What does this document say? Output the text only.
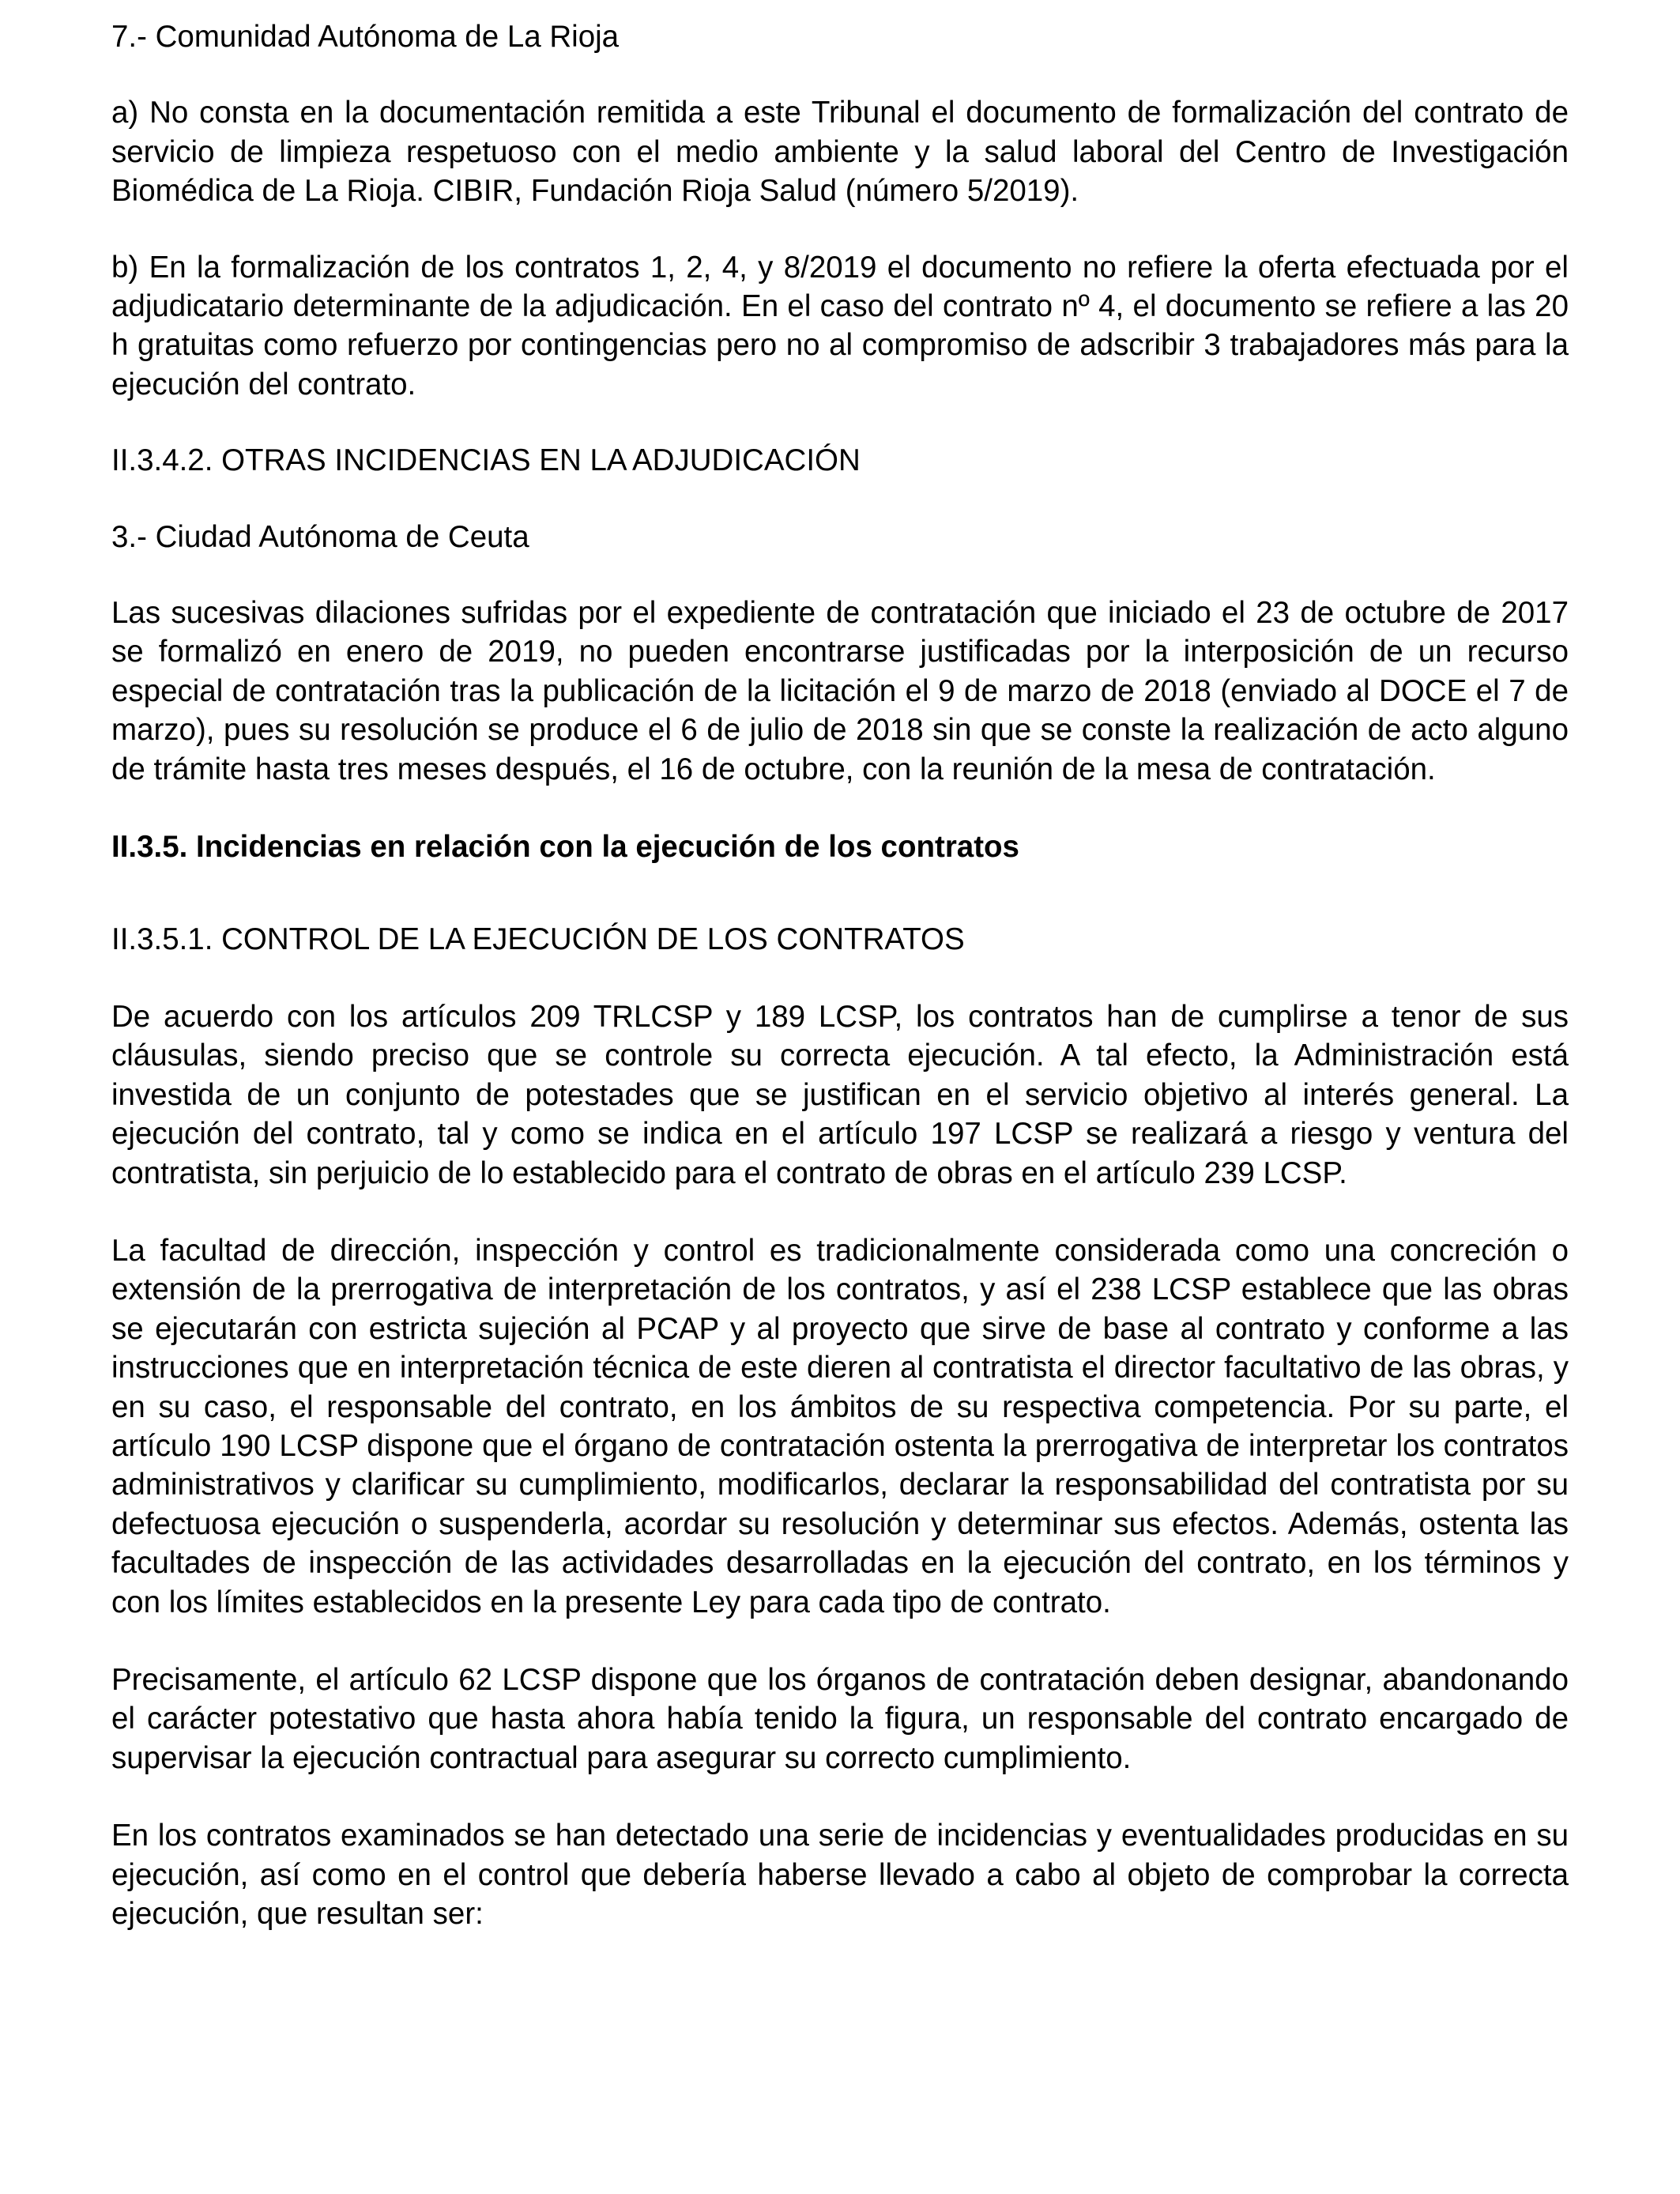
7.- Comunidad Autónoma de La Rioja

a) No consta en la documentación remitida a este Tribunal el documento de formalización del contrato de servicio de limpieza respetuoso con el medio ambiente y la salud laboral del Centro de Investigación Biomédica de La Rioja. CIBIR, Fundación Rioja Salud (número 5/2019).

b) En la formalización de los contratos 1, 2, 4, y 8/2019 el documento no refiere la oferta efectuada por el adjudicatario determinante de la adjudicación. En el caso del contrato nº 4, el documento se refiere a las 20 h gratuitas como refuerzo por contingencias pero no al compromiso de adscribir 3 trabajadores más para la ejecución del contrato.

II.3.4.2. OTRAS INCIDENCIAS EN LA ADJUDICACIÓN

3.- Ciudad Autónoma de Ceuta

Las sucesivas dilaciones sufridas por el expediente de contratación que iniciado el 23 de octubre de 2017 se formalizó en enero de 2019, no pueden encontrarse justificadas por la interposición de un recurso especial de contratación tras la publicación de la licitación el 9 de marzo de 2018 (enviado al DOCE el 7 de marzo), pues su resolución se produce el 6 de julio de 2018 sin que se conste la realización de acto alguno de trámite hasta tres meses después, el 16 de octubre, con la reunión de la mesa de contratación.

II.3.5. Incidencias en relación con la ejecución de los contratos

II.3.5.1. CONTROL DE LA EJECUCIÓN DE LOS CONTRATOS

De acuerdo con los artículos 209 TRLCSP y 189 LCSP, los contratos han de cumplirse a tenor de sus cláusulas, siendo preciso que se controle su correcta ejecución. A tal efecto, la Administración está investida de un conjunto de potestades que se justifican en el servicio objetivo al interés general. La ejecución del contrato, tal y como se indica en el artículo 197 LCSP se realizará a riesgo y ventura del contratista, sin perjuicio de lo establecido para el contrato de obras en el artículo 239 LCSP.

La facultad de dirección, inspección y control es tradicionalmente considerada como una concreción o extensión de la prerrogativa de interpretación de los contratos, y así el 238 LCSP establece que las obras se ejecutarán con estricta sujeción al PCAP y al proyecto que sirve de base al contrato y conforme a las instrucciones que en interpretación técnica de este dieren al contratista el director facultativo de las obras, y en su caso, el responsable del contrato, en los ámbitos de su respectiva competencia. Por su parte, el artículo 190 LCSP dispone que el órgano de contratación ostenta la prerrogativa de interpretar los contratos administrativos y clarificar su cumplimiento, modificarlos, declarar la responsabilidad del contratista por su defectuosa ejecución o suspenderla, acordar su resolución y determinar sus efectos. Además, ostenta las facultades de inspección de las actividades desarrolladas en la ejecución del contrato, en los términos y con los límites establecidos en la presente Ley para cada tipo de contrato.

Precisamente, el artículo 62 LCSP dispone que los órganos de contratación deben designar, abandonando el carácter potestativo que hasta ahora había tenido la figura, un responsable del contrato encargado de supervisar la ejecución contractual para asegurar su correcto cumplimiento.

En los contratos examinados se han detectado una serie de incidencias y eventualidades producidas en su ejecución, así como en el control que debería haberse llevado a cabo al objeto de comprobar la correcta ejecución, que resultan ser:
